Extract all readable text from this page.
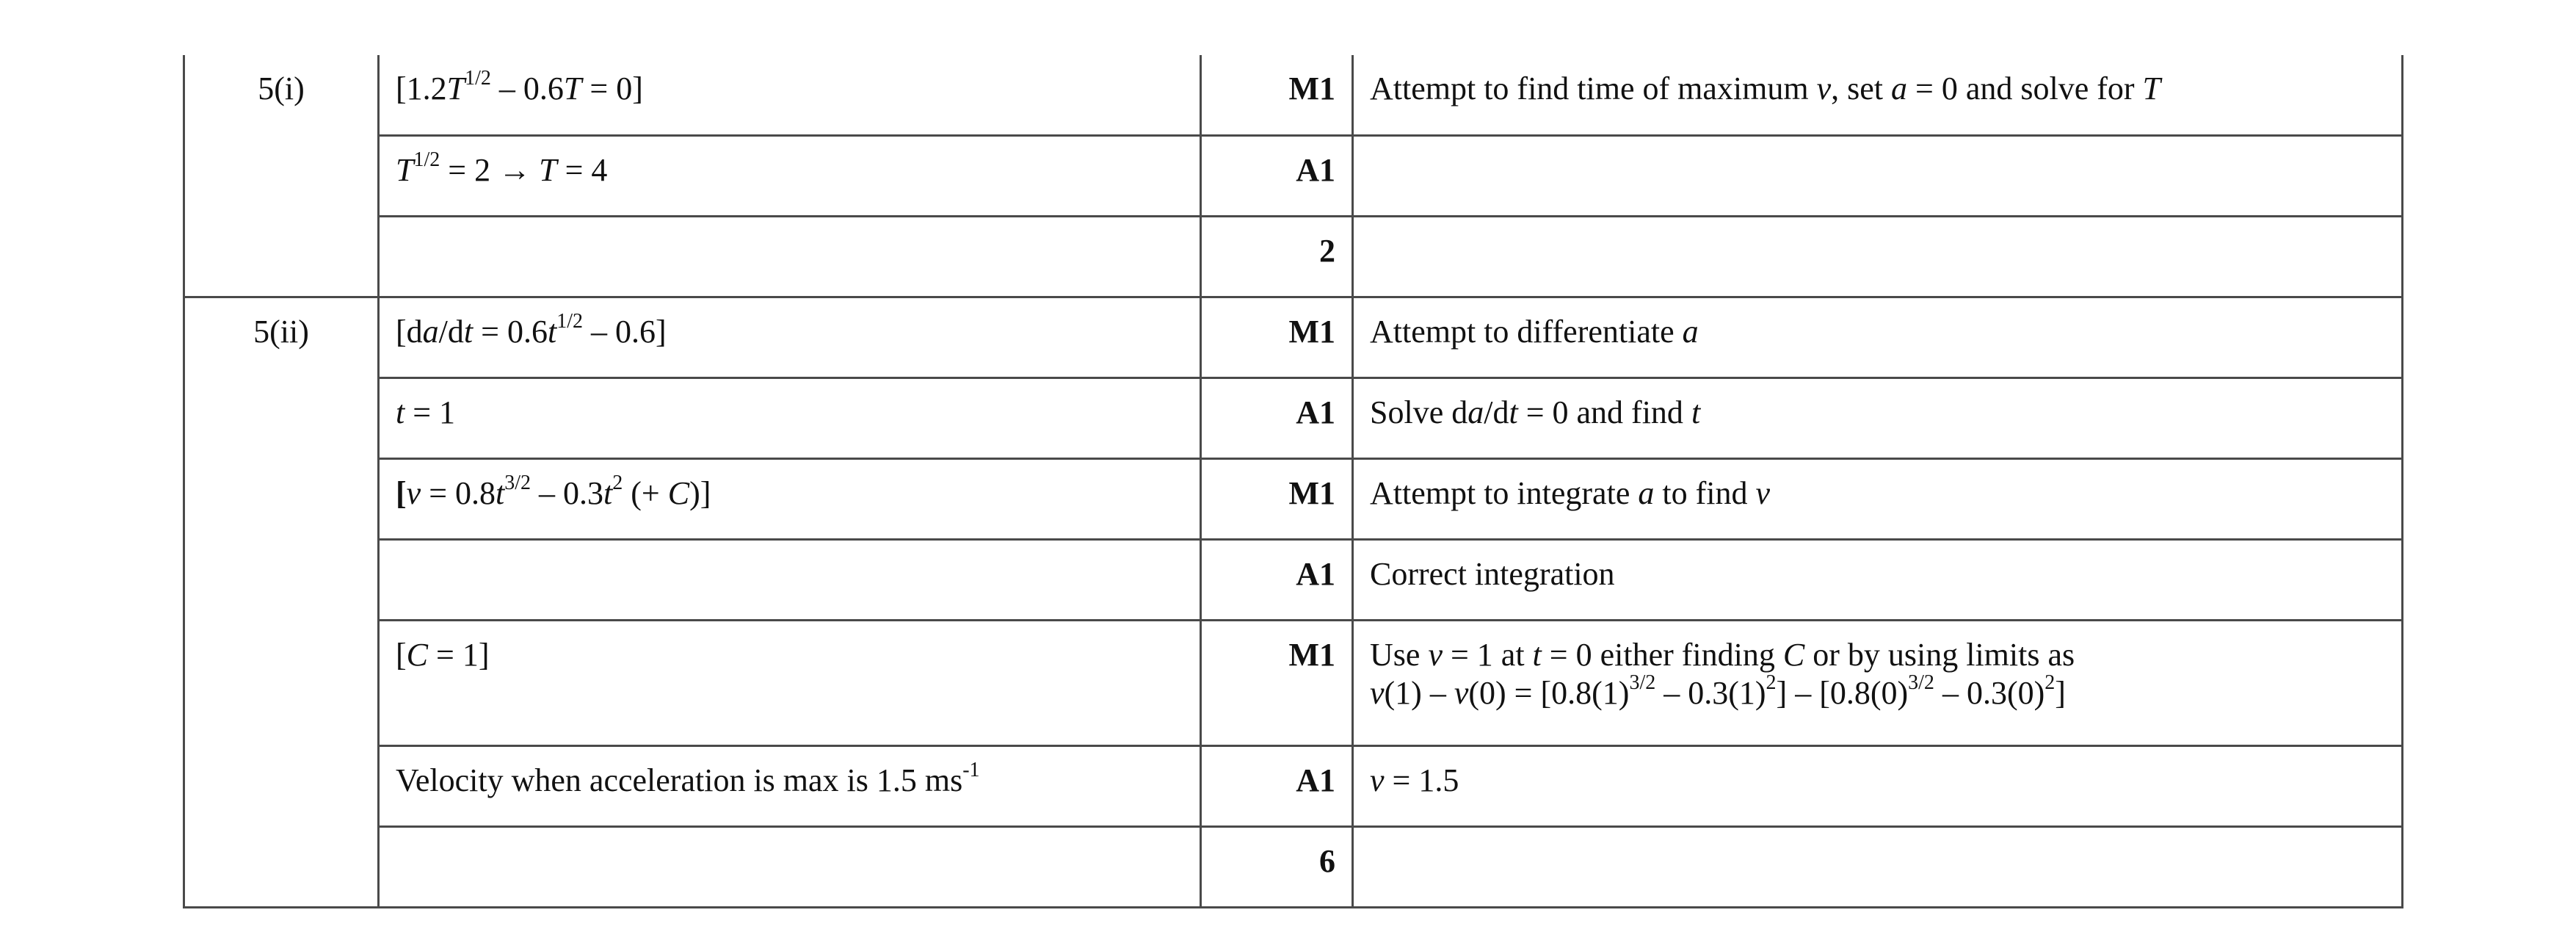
5(i)	$[1.2T^{1/2} - 0.6T = 0]$	M1	Attempt to find time of maximum v, set a = 0 and solve for T
	$T^{1/2} = 2 \to T = 4$	A1	
		2	
5(ii)	$[da/dt = 0.6t^{1/2} - 0.6]$	M1	Attempt to differentiate a
	t = 1	A1	Solve da/dt = 0 and find t
	[$v = 0.8t^{3/2} - 0.3t^2$ (+ C)]	M1	Attempt to integrate a to find v
		A1	Correct integration
	[C = 1]	M1	Use v = 1 at t = 0 either finding C or by using limits as
$v(1) - v(0) = [0.8(1)^{3/2} - 0.3(1)^2] - [0.8(0)^{3/2} - 0.3(0)^2]$

	Velocity when acceleration is max is 1.5 $ms^{-1}$	A1	v = 1.5
		6	
